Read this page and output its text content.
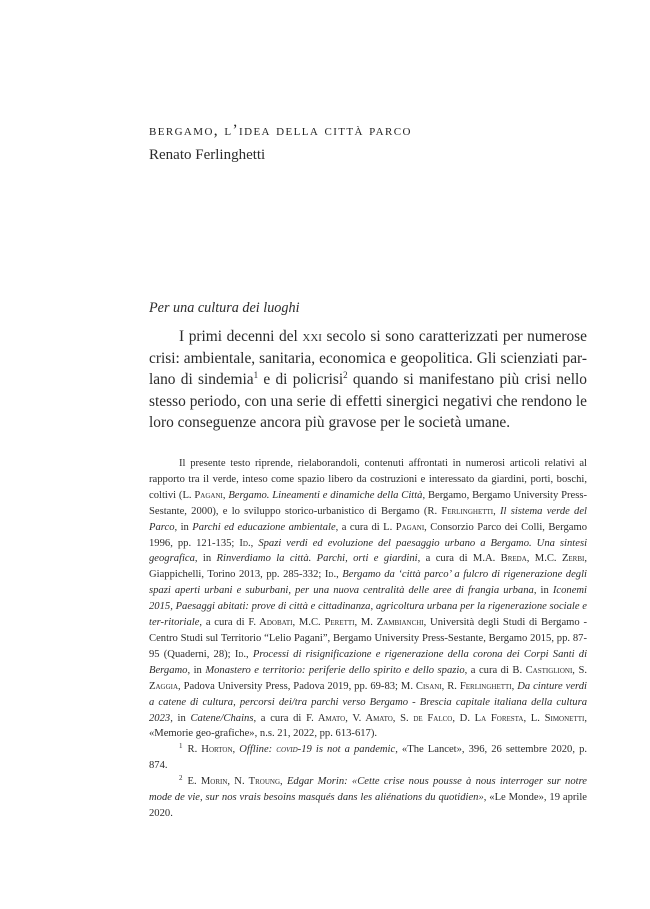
bergamo, l’idea della città parco
Renato Ferlinghetti
Per una cultura dei luoghi

I primi decenni del xxi secolo si sono caratterizzati per numerose crisi: ambientale, sanitaria, economica e geopolitica. Gli scienziati par-lano di sindemia$^1$ e di policrisi$^2$ quando si manifestano più crisi nello stesso periodo, con una serie di effetti sinergici negativi che rendono le loro conseguenze ancora più gravose per le società umane.

Il presente testo riprende, rielaborandoli, contenuti affrontati in numerosi articoli relativi al rapporto tra il verde, inteso come spazio libero da costruzioni e interessato da giardini, porti, boschi, coltivi (L. Pagani, Bergamo. Lineamenti e dinamiche della Città, Bergamo, Bergamo University Press-Sestante, 2000), e lo sviluppo storico-urbanistico di Bergamo (R. Ferlinghetti, Il sistema verde del Parco, in Parchi ed educazione ambientale, a cura di L. Pagani, Consorzio Parco dei Colli, Bergamo 1996, pp. 121-135; Id., Spazi verdi ed evoluzione del paesaggio urbano a Bergamo. Una sintesi geografica, in Rinverdiamo la città. Parchi, orti e giardini, a cura di M.A. Breda, M.C. Zerbi, Giappichelli, Torino 2013, pp. 285-332; Id., Bergamo da ‘città parco’ a fulcro di rigenerazione degli spazi aperti urbani e suburbani, per una nuova centralità delle aree di frangia urbana, in Iconemi 2015, Paesaggi abitati: prove di città e cittadinanza, agricoltura urbana per la rigenerazione sociale e ter-ritoriale, a cura di F. Adobati, M.C. Peretti, M. Zambianchi, Università degli Studi di Bergamo - Centro Studi sul Territorio “Lelio Pagani”, Bergamo University Press-Sestante, Bergamo 2015, pp. 87-95 (Quaderni, 28); Id., Processi di risignificazione e rigenerazione della corona dei Corpi Santi di Bergamo, in Monastero e territorio: periferie dello spirito e dello spazio, a cura di B. Castiglioni, S. Zaggia, Padova University Press, Padova 2019, pp. 69-83; M. Cisani, R. Ferlinghetti, Da cinture verdi a catene di cultura, percorsi dei/tra parchi verso Bergamo - Brescia capitale italiana della cultura 2023, in Catene/Chains, a cura di F. Amato, V. Amato, S. de Falco, D. La Foresta, L. Simonetti, «Memorie geo-grafiche», n.s. 21, 2022, pp. 613-617).

$^1$ R. Horton, Offline: covid-19 is not a pandemic, «The Lancet», 396, 26 settembre 2020, p. 874.

$^2$ E. Morin, N. Troung, Edgar Morin: «Cette crise nous pousse à nous interroger sur notre mode de vie, sur nos vrais besoins masqués dans les aliénations du quotidien», «Le Monde», 19 aprile 2020.
